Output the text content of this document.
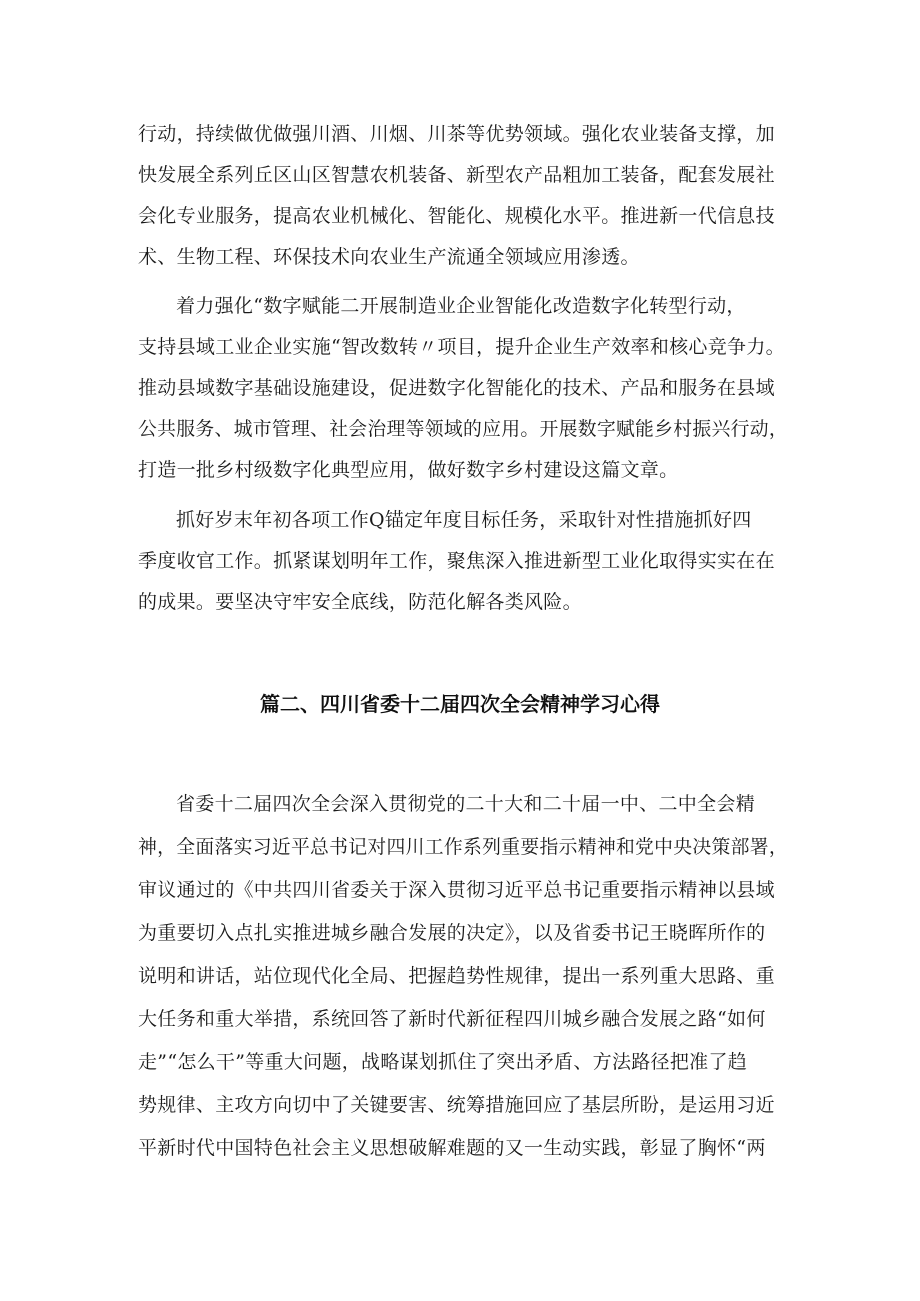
行动，持续做优做强川酒、川烟、川茶等优势领域。强化农业装备支撑，加
快发展全系列丘区山区智慧农机装备、新型农产品粗加工装备，配套发展社
会化专业服务，提高农业机械化、智能化、规模化水平。推进新一代信息技
术、生物工程、环保技术向农业生产流通全领域应用渗透。
着力强化“数字赋能二开展制造业企业智能化改造数字化转型行动，
支持县域工业企业实施“智改数转〃项目，提升企业生产效率和核心竞争力。
推动县域数字基础设施建设，促进数字化智能化的技术、产品和服务在县域
公共服务、城市管理、社会治理等领域的应用。开展数字赋能乡村振兴行动，
打造一批乡村级数字化典型应用，做好数字乡村建设这篇文章。
抓好岁末年初各项工作Q锚定年度目标任务，采取针对性措施抓好四
季度收官工作。抓紧谋划明年工作，聚焦深入推进新型工业化取得实实在在
的成果。要坚决守牢安全底线，防范化解各类风险。
篇二、四川省委十二届四次全会精神学习心得
省委十二届四次全会深入贯彻党的二十大和二十届一中、二中全会精
神，全面落实习近平总书记对四川工作系列重要指示精神和党中央决策部署，
审议通过的《中共四川省委关于深入贯彻习近平总书记重要指示精神以县域
为重要切入点扎实推进城乡融合发展的决定》，以及省委书记王晓晖所作的
说明和讲话，站位现代化全局、把握趋势性规律，提出一系列重大思路、重
大任务和重大举措，系统回答了新时代新征程四川城乡融合发展之路“如何
走”“怎么干”等重大问题，战略谋划抓住了突出矛盾、方法路径把准了趋
势规律、主攻方向切中了关键要害、统筹措施回应了基层所盼，是运用习近
平新时代中国特色社会主义思想破解难题的又一生动实践，彰显了胸怀“两
